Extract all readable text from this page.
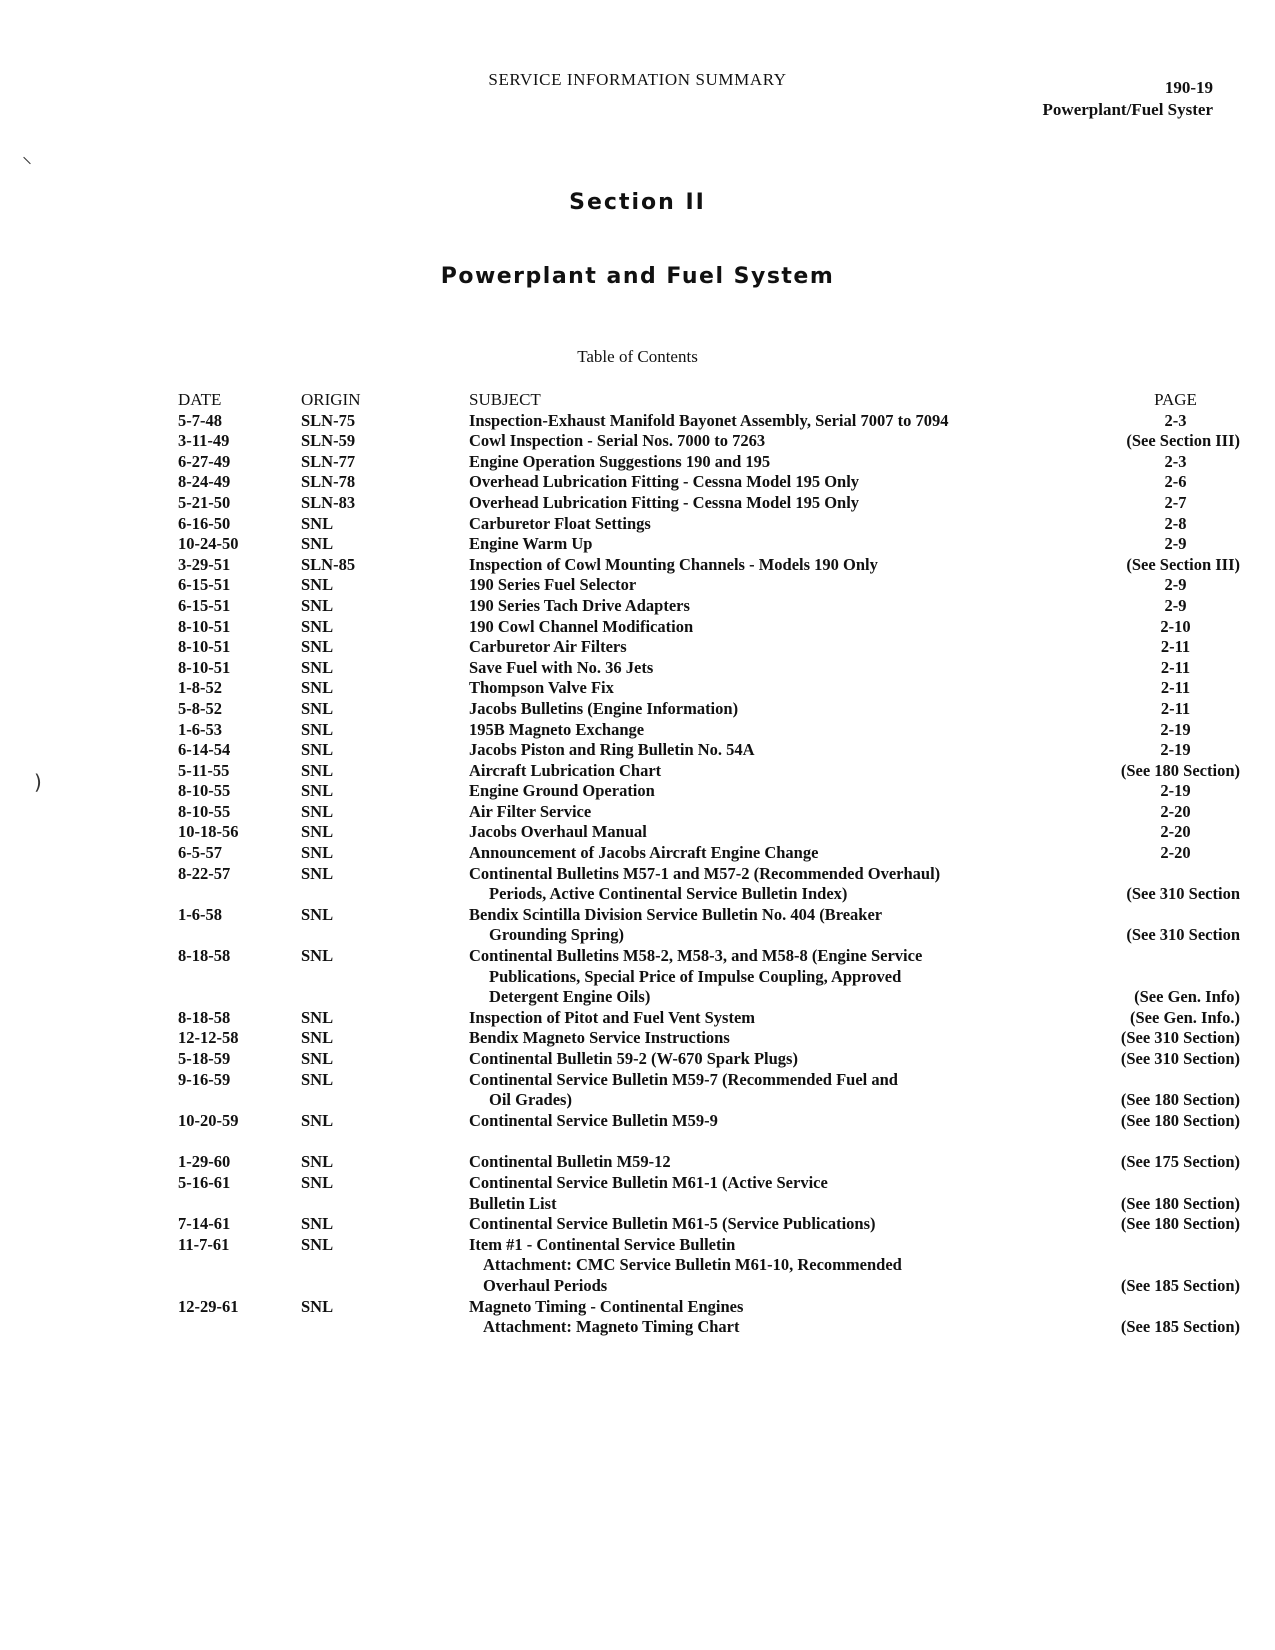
SERVICE INFORMATION SUMMARY	190-19
Powerplant/Fuel Syster
Section II
Powerplant and Fuel System
Table of Contents
DATE	ORIGIN	SUBJECT	PAGE
5-7-48	SLN-75	Inspection-Exhaust Manifold Bayonet Assembly, Serial 7007 to 7094	2-3
3-11-49	SLN-59	Cowl Inspection - Serial Nos. 7000 to 7263	(See Section III)
6-27-49	SLN-77	Engine Operation Suggestions 190 and 195	2-3
8-24-49	SLN-78	Overhead Lubrication Fitting - Cessna Model 195 Only	2-6
5-21-50	SLN-83	Overhead Lubrication Fitting - Cessna Model 195 Only	2-7
6-16-50	SNL	Carburetor Float Settings	2-8
10-24-50	SNL	Engine Warm Up	2-9
3-29-51	SLN-85	Inspection of Cowl Mounting Channels - Models 190 Only	(See Section III)
6-15-51	SNL	190 Series Fuel Selector	2-9
6-15-51	SNL	190 Series Tach Drive Adapters	2-9
8-10-51	SNL	190 Cowl Channel Modification	2-10
8-10-51	SNL	Carburetor Air Filters	2-11
8-10-51	SNL	Save Fuel with No. 36 Jets	2-11
1-8-52	SNL	Thompson Valve Fix	2-11
5-8-52	SNL	Jacobs Bulletins (Engine Information)	2-11
1-6-53	SNL	195B Magneto Exchange	2-19
6-14-54	SNL	Jacobs Piston and Ring Bulletin No. 54A	2-19
5-11-55	SNL	Aircraft Lubrication Chart	(See 180 Section)
8-10-55	SNL	Engine Ground Operation	2-19
8-10-55	SNL	Air Filter Service	2-20
10-18-56	SNL	Jacobs Overhaul Manual	2-20
6-5-57	SNL	Announcement of Jacobs Aircraft Engine Change	2-20
8-22-57	SNL	Continental Bulletins M57-1 and M57-2 (Recommended Overhaul)
Periods, Active Continental Service Bulletin Index)	(See 310 Section
1-6-58	SNL	Bendix Scintilla Division Service Bulletin No. 404 (Breaker
Grounding Spring)	(See 310 Section
8-18-58	SNL	Continental Bulletins M58-2, M58-3, and M58-8 (Engine Service
Publications, Special Price of Impulse Coupling, Approved
Detergent Engine Oils)	(See Gen. Info)
8-18-58	SNL	Inspection of Pitot and Fuel Vent System	(See Gen. Info.)
12-12-58	SNL	Bendix Magneto Service Instructions	(See 310 Section)
5-18-59	SNL	Continental Bulletin 59-2 (W-670 Spark Plugs)	(See 310 Section)
9-16-59	SNL	Continental Service Bulletin M59-7 (Recommended Fuel and
Oil Grades)	(See 180 Section)
10-20-59	SNL	Continental Service Bulletin M59-9	(See 180 Section)
1-29-60	SNL	Continental Bulletin M59-12	(See 175 Section)
5-16-61	SNL	Continental Service Bulletin M61-1 (Active Service
Bulletin List	(See 180 Section)
7-14-61	SNL	Continental Service Bulletin M61-5 (Service Publications)	(See 180 Section)
11-7-61	SNL	Item #1 - Continental Service Bulletin
Attachment: CMC Service Bulletin M61-10, Recommended
Overhaul Periods	(See 185 Section)
12-29-61	SNL	Magneto Timing - Continental Engines
Attachment: Magneto Timing Chart	(See 185 Section)
⸌
)
